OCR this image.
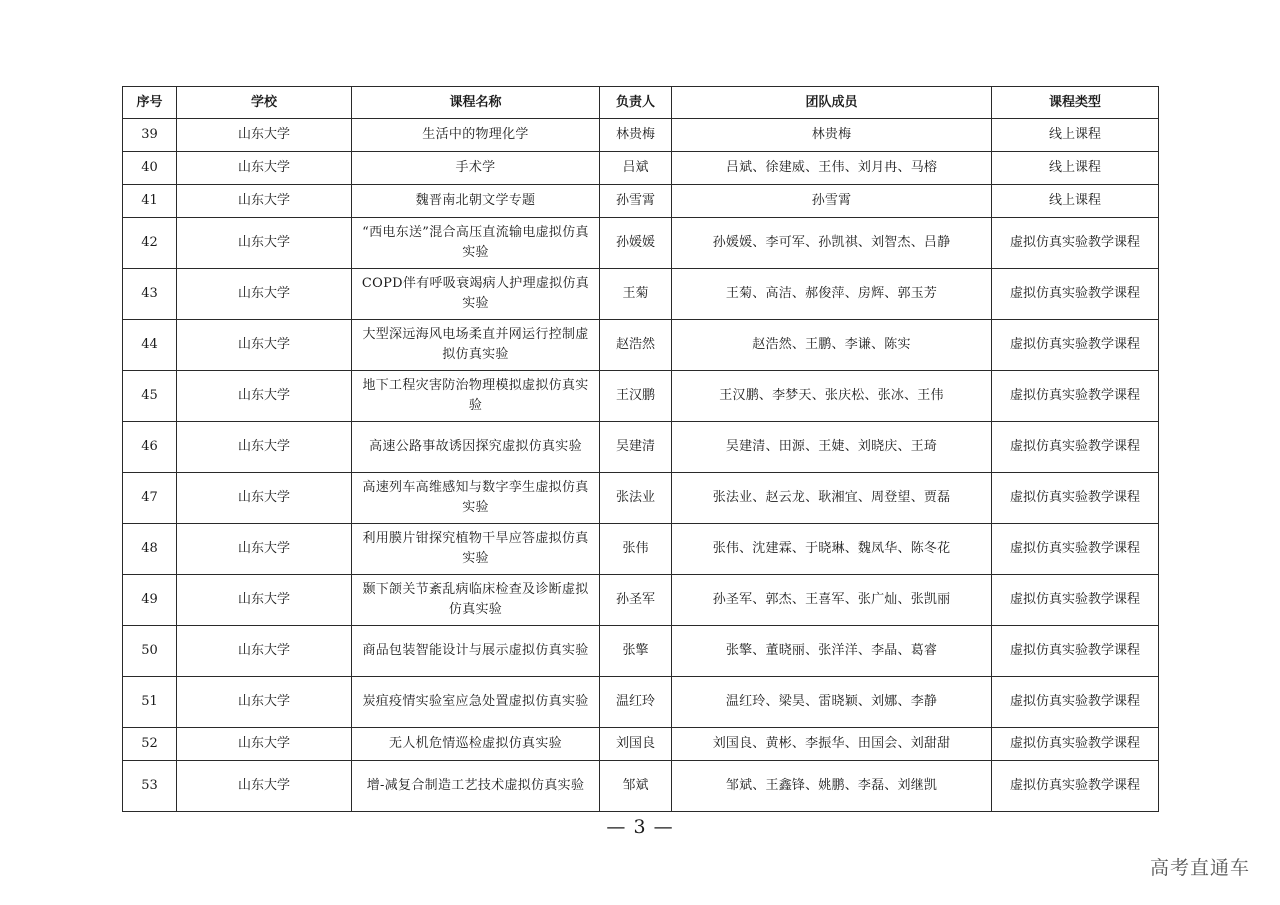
序号	学校	课程名称	负责人	团队成员	课程类型
39	山东大学	生活中的物理化学	林贵梅	林贵梅	线上课程
40	山东大学	手术学	吕斌	吕斌、徐建威、王伟、刘月冉、马榕	线上课程
41	山东大学	魏晋南北朝文学专题	孙雪霄	孙雪霄	线上课程
42	山东大学	“西电东送”混合高压直流输电虚拟仿真实验	孙媛媛	孙媛媛、李可军、孙凯祺、刘智杰、吕静	虚拟仿真实验教学课程
43	山东大学	COPD伴有呼吸衰竭病人护理虚拟仿真实验	王菊	王菊、高洁、郝俊萍、房辉、郭玉芳	虚拟仿真实验教学课程
44	山东大学	大型深远海风电场柔直并网运行控制虚拟仿真实验	赵浩然	赵浩然、王鹏、李谦、陈实	虚拟仿真实验教学课程
45	山东大学	地下工程灾害防治物理模拟虚拟仿真实验	王汉鹏	王汉鹏、李梦天、张庆松、张冰、王伟	虚拟仿真实验教学课程
46	山东大学	高速公路事故诱因探究虚拟仿真实验	吴建清	吴建清、田源、王婕、刘晓庆、王琦	虚拟仿真实验教学课程
47	山东大学	高速列车高维感知与数字孪生虚拟仿真实验	张法业	张法业、赵云龙、耿湘宜、周登望、贾磊	虚拟仿真实验教学课程
48	山东大学	利用膜片钳探究植物干旱应答虚拟仿真实验	张伟	张伟、沈建霖、于晓琳、魏凤华、陈冬花	虚拟仿真实验教学课程
49	山东大学	颞下颌关节紊乱病临床检查及诊断虚拟仿真实验	孙圣军	孙圣军、郭杰、王喜军、张广灿、张凯丽	虚拟仿真实验教学课程
50	山东大学	商品包装智能设计与展示虚拟仿真实验	张擎	张擎、董晓丽、张洋洋、李晶、葛睿	虚拟仿真实验教学课程
51	山东大学	炭疽疫情实验室应急处置虚拟仿真实验	温红玲	温红玲、梁昊、雷晓颖、刘娜、李静	虚拟仿真实验教学课程
52	山东大学	无人机危情巡检虚拟仿真实验	刘国良	刘国良、黄彬、李振华、田国会、刘甜甜	虚拟仿真实验教学课程
53	山东大学	增-减复合制造工艺技术虚拟仿真实验	邹斌	邹斌、王鑫锋、姚鹏、李磊、刘继凯	虚拟仿真实验教学课程
— 3 —
高考直通车
